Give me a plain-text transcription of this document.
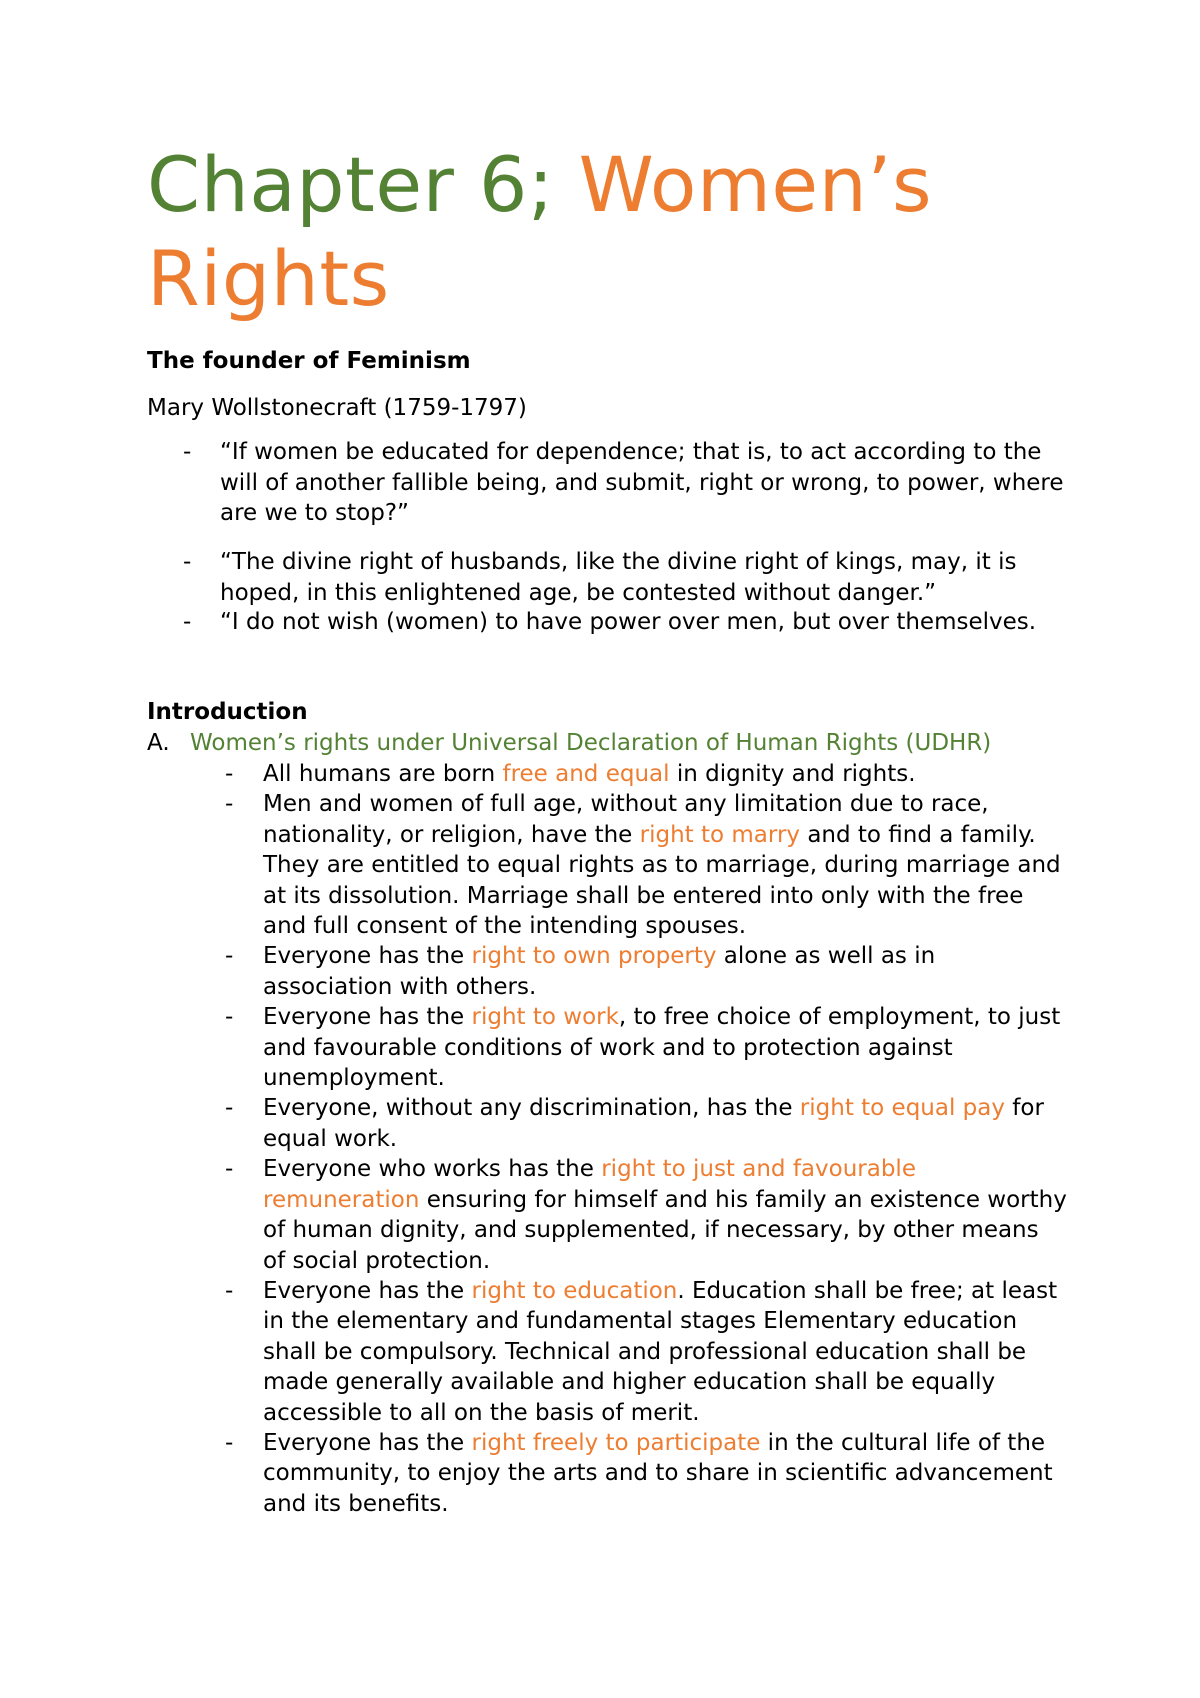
Chapter 6; Women’s Rights

The founder of Feminism

Mary Wollstonecraft (1759-1797)

- “If women be educated for dependence; that is, to act according to the will of another fallible being, and submit, right or wrong, to power, where are we to stop?”
- “The divine right of husbands, like the divine right of kings, may, it is hoped, in this enlightened age, be contested without danger.”
- “I do not wish (women) to have power over men, but over themselves.

Introduction

A. Women’s rights under Universal Declaration of Human Rights (UDHR)

- All humans are born free and equal in dignity and rights.
- Men and women of full age, without any limitation due to race, nationality, or religion, have the right to marry and to find a family. They are entitled to equal rights as to marriage, during marriage and at its dissolution. Marriage shall be entered into only with the free and full consent of the intending spouses.
- Everyone has the right to own property alone as well as in association with others.
- Everyone has the right to work, to free choice of employment, to just and favourable conditions of work and to protection against unemployment.
- Everyone, without any discrimination, has the right to equal pay for equal work.
- Everyone who works has the right to just and favourable remuneration ensuring for himself and his family an existence worthy of human dignity, and supplemented, if necessary, by other means of social protection.
- Everyone has the right to education. Education shall be free; at least in the elementary and fundamental stages Elementary education shall be compulsory. Technical and professional education shall be made generally available and higher education shall be equally accessible to all on the basis of merit.
- Everyone has the right freely to participate in the cultural life of the community, to enjoy the arts and to share in scientific advancement and its benefits.
